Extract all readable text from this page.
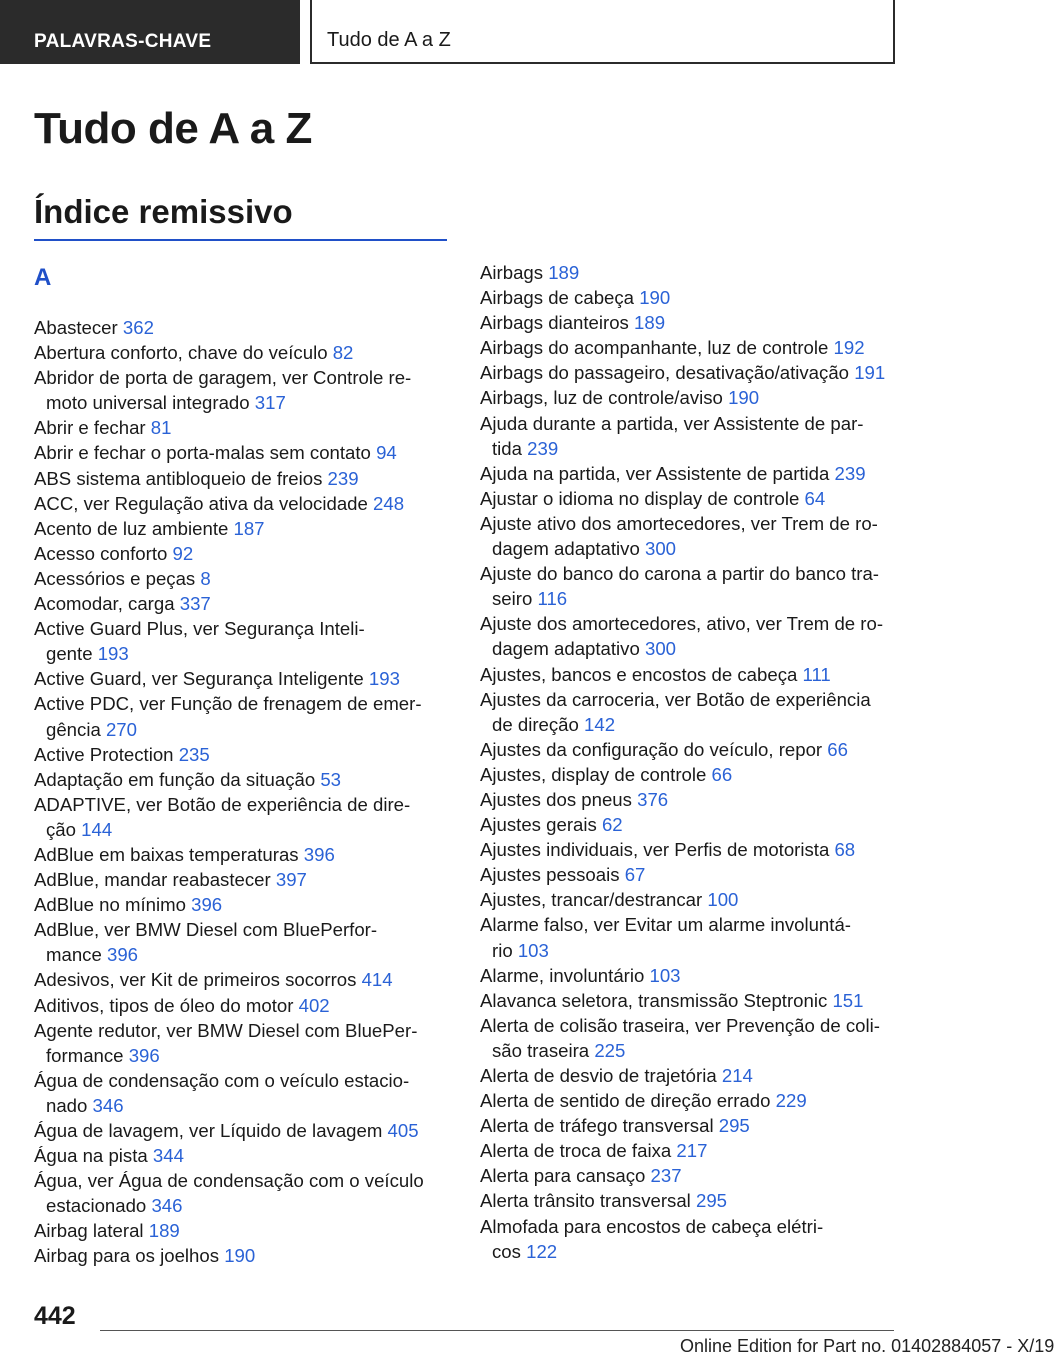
PALAVRAS-CHAVE	Tudo de A a Z
Tudo de A a Z
Índice remissivo
A
Abastecer 362
Abertura conforto, chave do veículo 82
Abridor de porta de garagem, ver Controle re-
moto universal integrado 317
Abrir e fechar 81
Abrir e fechar o porta-malas sem contato 94
ABS sistema antibloqueio de freios 239
ACC, ver Regulação ativa da velocidade 248
Acento de luz ambiente 187
Acesso conforto 92
Acessórios e peças 8
Acomodar, carga 337
Active Guard Plus, ver Segurança Inteli-
gente 193
Active Guard, ver Segurança Inteligente 193
Active PDC, ver Função de frenagem de emer-
gência 270
Active Protection 235
Adaptação em função da situação 53
ADAPTIVE, ver Botão de experiência de dire-
ção 144
AdBlue em baixas temperaturas 396
AdBlue, mandar reabastecer 397
AdBlue no mínimo 396
AdBlue, ver BMW Diesel com BluePerfor-
mance 396
Adesivos, ver Kit de primeiros socorros 414
Aditivos, tipos de óleo do motor 402
Agente redutor, ver BMW Diesel com BluePer-
formance 396
Água de condensação com o veículo estacio-
nado 346
Água de lavagem, ver Líquido de lavagem 405
Água na pista 344
Água, ver Água de condensação com o veículo
estacionado 346
Airbag lateral 189
Airbag para os joelhos 190
Airbags 189
Airbags de cabeça 190
Airbags dianteiros 189
Airbags do acompanhante, luz de controle 192
Airbags do passageiro, desativação/ativação 191
Airbags, luz de controle/aviso 190
Ajuda durante a partida, ver Assistente de par-
tida 239
Ajuda na partida, ver Assistente de partida 239
Ajustar o idioma no display de controle 64
Ajuste ativo dos amortecedores, ver Trem de ro-
dagem adaptativo 300
Ajuste do banco do carona a partir do banco tra-
seiro 116
Ajuste dos amortecedores, ativo, ver Trem de ro-
dagem adaptativo 300
Ajustes, bancos e encostos de cabeça 111
Ajustes da carroceria, ver Botão de experiência
de direção 142
Ajustes da configuração do veículo, repor 66
Ajustes, display de controle 66
Ajustes dos pneus 376
Ajustes gerais 62
Ajustes individuais, ver Perfis de motorista 68
Ajustes pessoais 67
Ajustes, trancar/destrancar 100
Alarme falso, ver Evitar um alarme involuntá-
rio 103
Alarme, involuntário 103
Alavanca seletora, transmissão Steptronic 151
Alerta de colisão traseira, ver Prevenção de coli-
são traseira 225
Alerta de desvio de trajetória 214
Alerta de sentido de direção errado 229
Alerta de tráfego transversal 295
Alerta de troca de faixa 217
Alerta para cansaço 237
Alerta trânsito transversal 295
Almofada para encostos de cabeça elétri-
cos 122
442
Online Edition for Part no. 01402884057 - X/19
